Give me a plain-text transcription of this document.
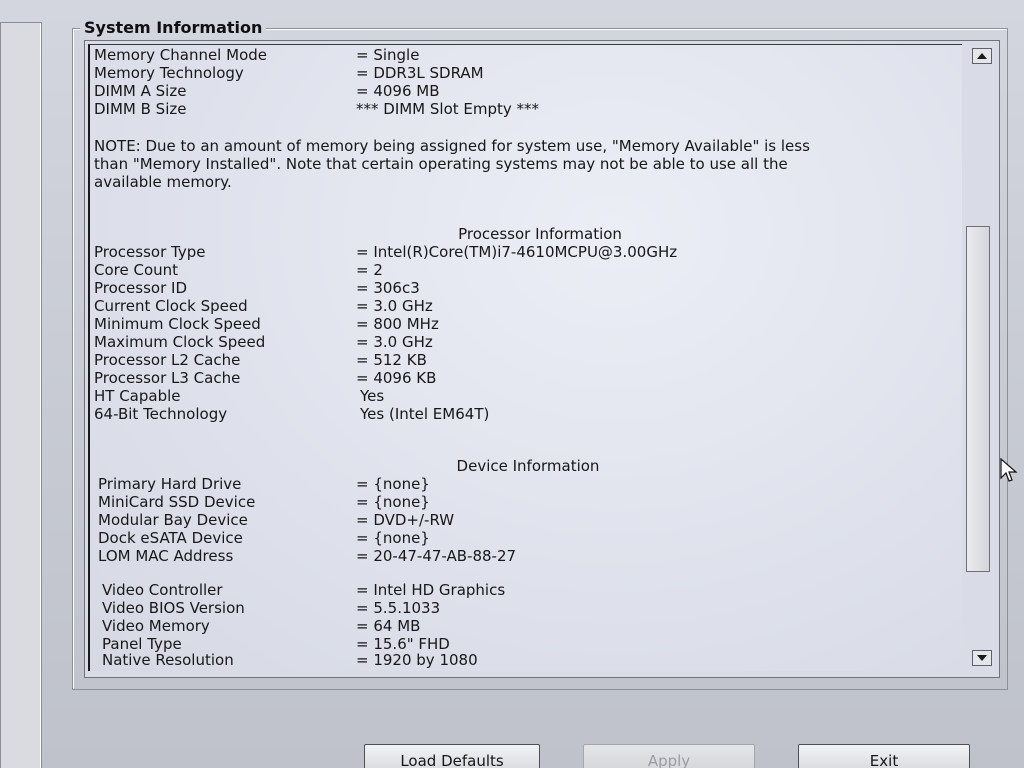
System Information
Memory Channel Mode	= Single
Memory Technology	= DDR3L SDRAM
DIMM A Size	= 4096 MB
DIMM B Size	*** DIMM Slot Empty ***
NOTE: Due to an amount of memory being assigned for system use, "Memory Available" is less
than "Memory Installed". Note that certain operating systems may not be able to use all the
available memory.
Processor Information
Processor Type	= Intel(R)Core(TM)i7-4610MCPU@3.00GHz
Core Count	= 2
Processor ID	= 306c3
Current Clock Speed	= 3.0 GHz
Minimum Clock Speed	= 800 MHz
Maximum Clock Speed	= 3.0 GHz
Processor L2 Cache	= 512 KB
Processor L3 Cache	= 4096 KB
HT Capable	Yes
64-Bit Technology	Yes (Intel EM64T)
Device Information
Primary Hard Drive	= {none}
MiniCard SSD Device	= {none}
Modular Bay Device	= DVD+/-RW
Dock eSATA Device	= {none}
LOM MAC Address	= 20-47-47-AB-88-27
Video Controller	= Intel HD Graphics
Video BIOS Version	= 5.5.1033
Video Memory	= 64 MB
Panel Type	= 15.6" FHD
Native Resolution	= 1920 by 1080
Load Defaults	Apply	Exit
